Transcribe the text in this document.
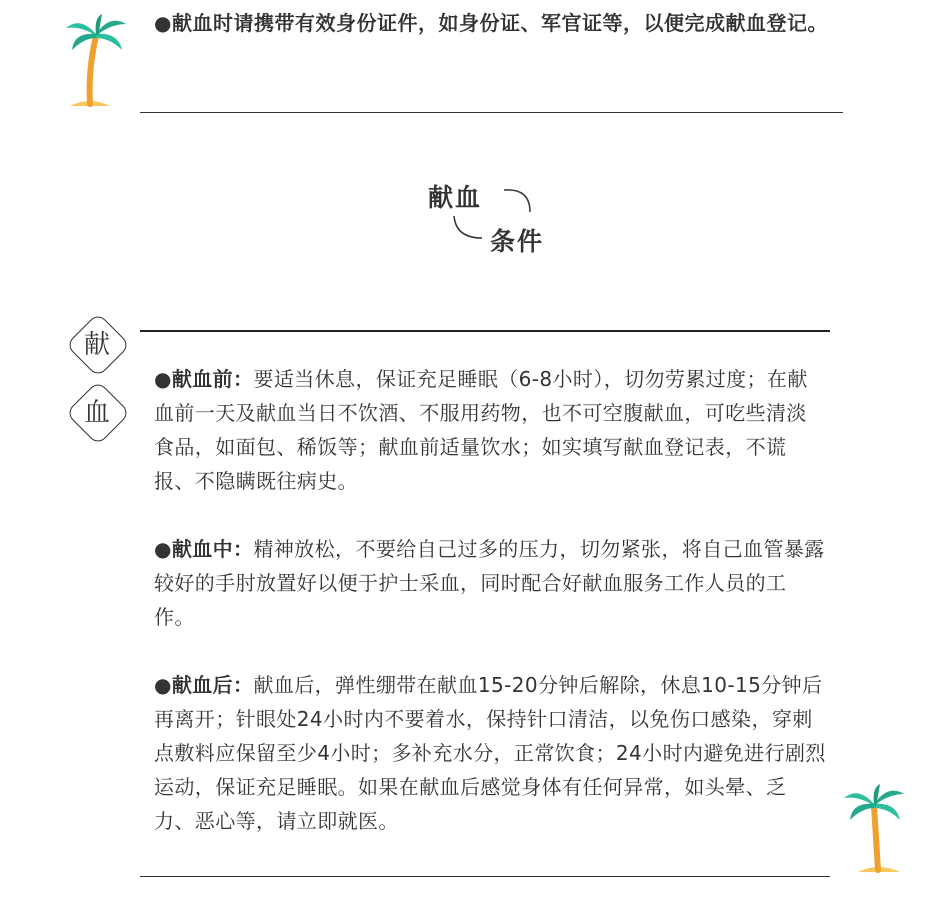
●献血时请携带有效身份证件，如身份证、军官证等，以便完成献血登记。
献血
条件
献
血
●献血前：要适当休息，保证充足睡眠（6-8小时），切勿劳累过度；在献血前一天及献血当日不饮酒、不服用药物，也不可空腹献血，可吃些清淡食品，如面包、稀饭等；献血前适量饮水；如实填写献血登记表，不谎报、不隐瞒既往病史。
●献血中：精神放松，不要给自己过多的压力，切勿紧张，将自己血管暴露较好的手肘放置好以便于护士采血，同时配合好献血服务工作人员的工作。
●献血后：献血后，弹性绷带在献血15-20分钟后解除，休息10-15分钟后再离开；针眼处24小时内不要着水，保持针口清洁，以免伤口感染，穿刺点敷料应保留至少4小时；多补充水分，正常饮食；24小时内避免进行剧烈运动，保证充足睡眠。如果在献血后感觉身体有任何异常，如头晕、乏力、恶心等，请立即就医。
